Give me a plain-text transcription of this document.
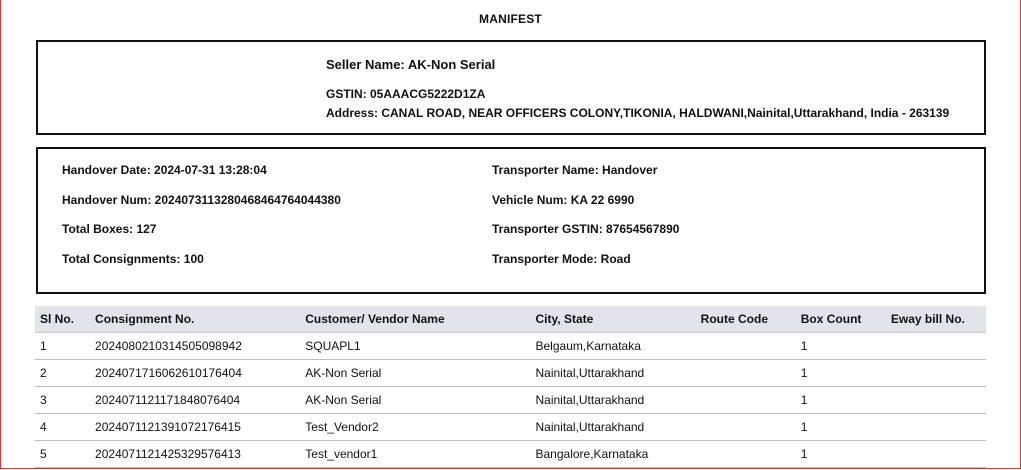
MANIFEST
Seller Name: AK-Non Serial
GSTIN: 05AAACG5222D1ZA
Address: CANAL ROAD, NEAR OFFICERS COLONY,TIKONIA, HALDWANI,Nainital,Uttarakhand, India - 263139
Handover Date: 2024-07-31 13:28:04
Handover Num: 20240731132804684647640443​80
Total Boxes: 127
Total Consignments: 100
Transporter Name: Handover
Vehicle Num: KA 22 6990
Transporter GSTIN: 87654567890
Transporter Mode: Road
Sl No.	Consignment No.	Customer/ Vendor Name	City, State	Route Code	Box Count	Eway bill No.
1	20240802103145050989​42	SQUAPL1	Belgaum,Karnataka		1	
2	20240717160626101764​04	AK-Non Serial	Nainital,Uttarakhand		1	
3	20240711211718480764​04	AK-Non Serial	Nainital,Uttarakhand		1	
4	20240711213910721764​15	Test_Vendor2	Nainital,Uttarakhand		1	
5	20240711214253295764​13	Test_vendor1	Bangalore,Karnataka		1	
